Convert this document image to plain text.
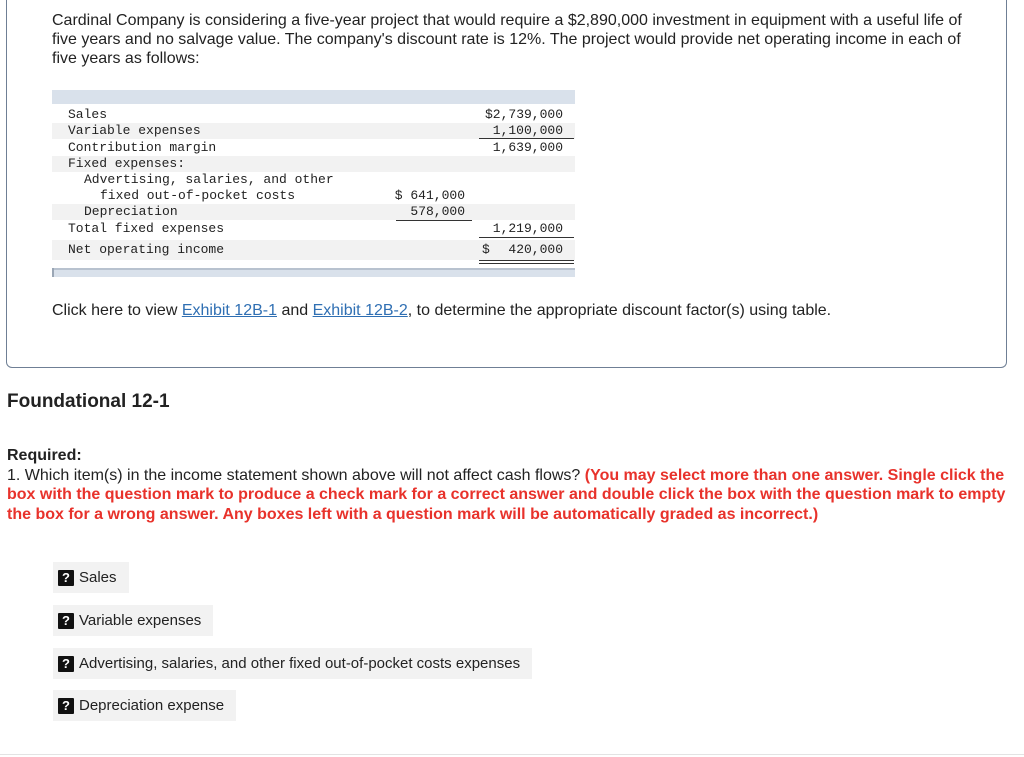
Cardinal Company is considering a five-year project that would require a $2,890,000 investment in equipment with a useful life of five years and no salvage value. The company's discount rate is 12%. The project would provide net operating income in each of five years as follows:
Sales	$2,739,000
Variable expenses	1,100,000
Contribution margin	1,639,000
Fixed expenses:
Advertising, salaries, and other
fixed out-of-pocket costs	$ 641,000
Depreciation	578,000
Total fixed expenses	1,219,000
Net operating income	$ 420,000
Click here to view Exhibit 12B-1 and Exhibit 12B-2, to determine the appropriate discount factor(s) using table.
Foundational 12-1
Required:
1. Which item(s) in the income statement shown above will not affect cash flows? (You may select more than one answer. Single click the box with the question mark to produce a check mark for a correct answer and double click the box with the question mark to empty the box for a wrong answer. Any boxes left with a question mark will be automatically graded as incorrect.)
? Sales
? Variable expenses
? Advertising, salaries, and other fixed out-of-pocket costs expenses
? Depreciation expense
